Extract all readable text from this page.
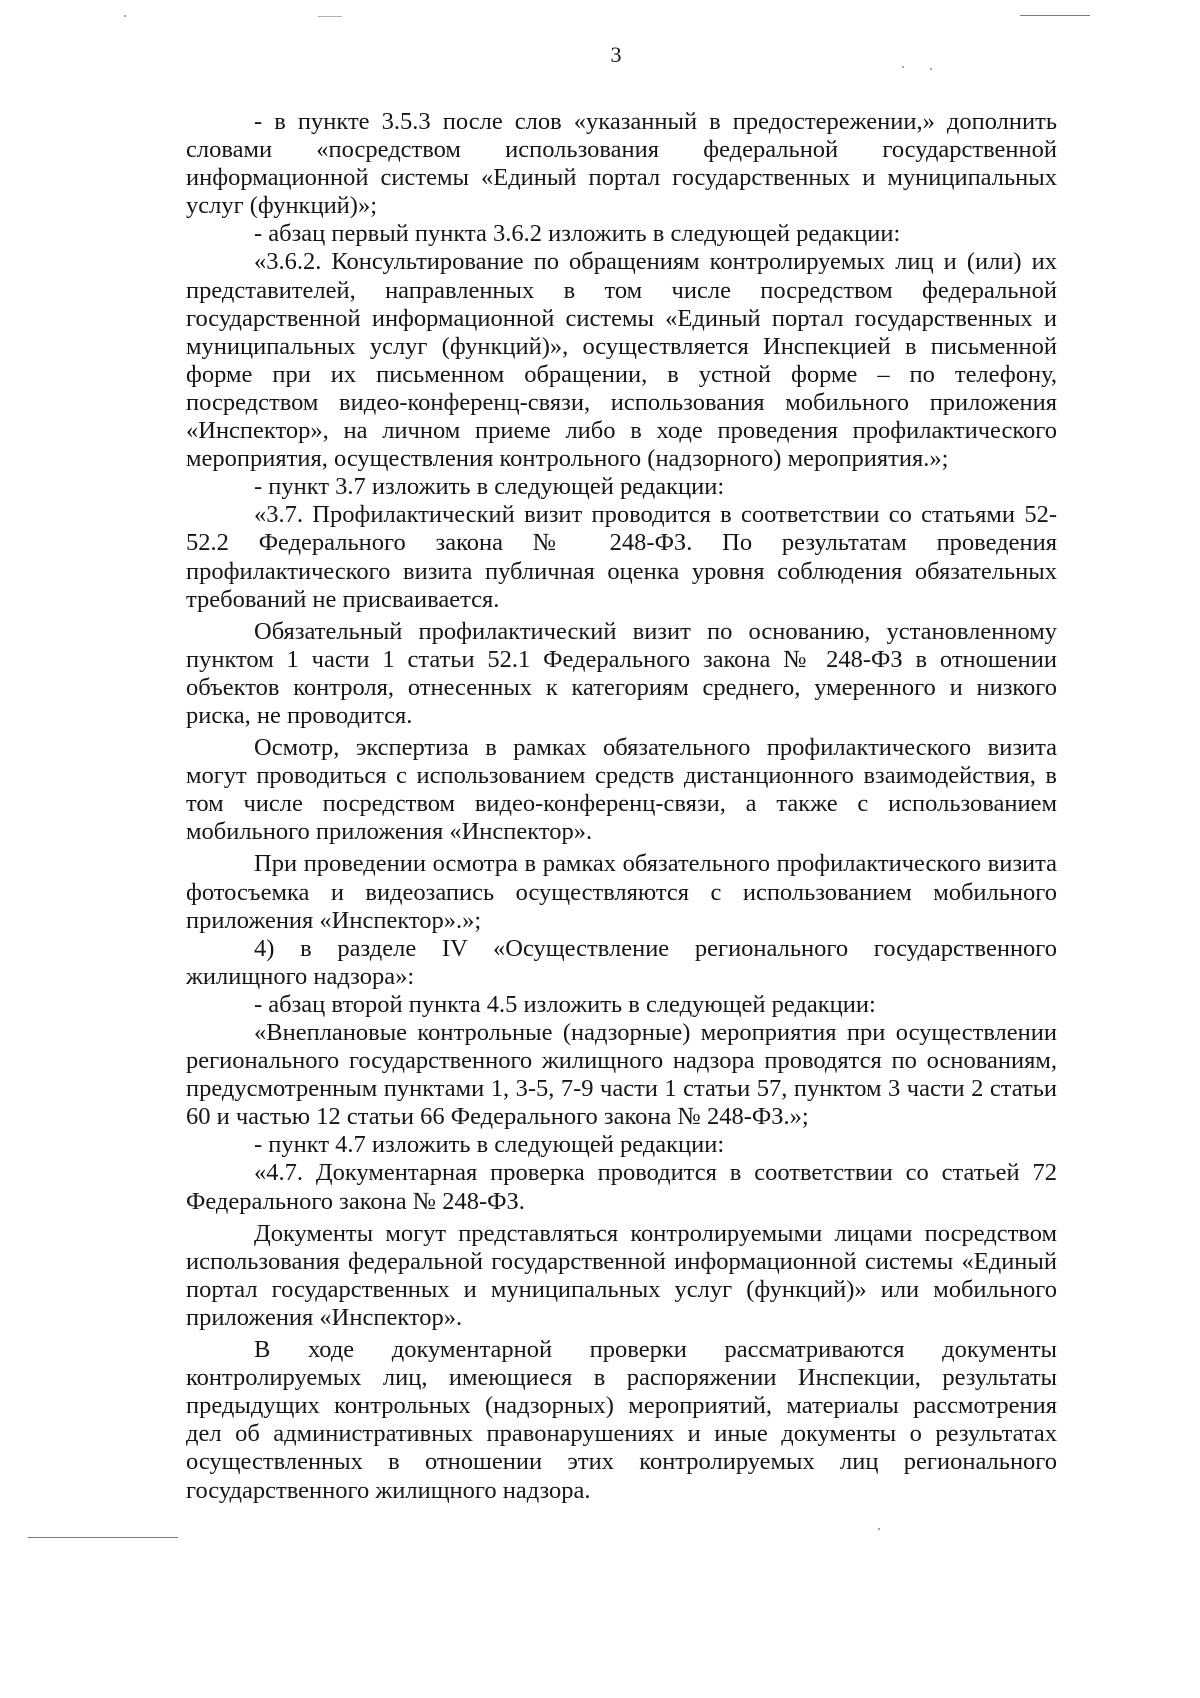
3

- в пункте 3.5.3 после слов «указанный в предостережении,» дополнить словами «посредством использования федеральной государственной информационной системы «Единый портал государственных и муниципальных услуг (функций)»;

- абзац первый пункта 3.6.2 изложить в следующей редакции:

«3.6.2. Консультирование по обращениям контролируемых лиц и (или) их представителей, направленных в том числе посредством федеральной государственной информационной системы «Единый портал государственных и муниципальных услуг (функций)», осуществляется Инспекцией в письменной форме при их письменном обращении, в устной форме – по телефону, посредством видео-конференц-связи, использования мобильного приложения «Инспектор», на личном приеме либо в ходе проведения профилактического мероприятия, осуществления контрольного (надзорного) мероприятия.»;

- пункт 3.7 изложить в следующей редакции:

«3.7. Профилактический визит проводится в соответствии со статьями 52-52.2 Федерального закона № 248-ФЗ. По результатам проведения профилактического визита публичная оценка уровня соблюдения обязательных требований не присваивается.

Обязательный профилактический визит по основанию, установленному пунктом 1 части 1 статьи 52.1 Федерального закона № 248-ФЗ в отношении объектов контроля, отнесенных к категориям среднего, умеренного и низкого риска, не проводится.

Осмотр, экспертиза в рамках обязательного профилактического визита могут проводиться с использованием средств дистанционного взаимодействия, в том числе посредством видео-конференц-связи, а также с использованием мобильного приложения «Инспектор».

При проведении осмотра в рамках обязательного профилактического визита фотосъемка и видеозапись осуществляются с использованием мобильного приложения «Инспектор».»;

4) в разделе IV «Осуществление регионального государственного жилищного надзора»:

- абзац второй пункта 4.5 изложить в следующей редакции:

«Внеплановые контрольные (надзорные) мероприятия при осуществлении регионального государственного жилищного надзора проводятся по основаниям, предусмотренным пунктами 1, 3-5, 7-9 части 1 статьи 57, пунктом 3 части 2 статьи 60 и частью 12 статьи 66 Федерального закона № 248-ФЗ.»;

- пункт 4.7 изложить в следующей редакции:

«4.7. Документарная проверка проводится в соответствии со статьей 72 Федерального закона № 248-ФЗ.

Документы могут представляться контролируемыми лицами посредством использования федеральной государственной информационной системы «Единый портал государственных и муниципальных услуг (функций)» или мобильного приложения «Инспектор».

В ходе документарной проверки рассматриваются документы контролируемых лиц, имеющиеся в распоряжении Инспекции, результаты предыдущих контрольных (надзорных) мероприятий, материалы рассмотрения дел об административных правонарушениях и иные документы о результатах осуществленных в отношении этих контролируемых лиц регионального государственного жилищного надзора.
